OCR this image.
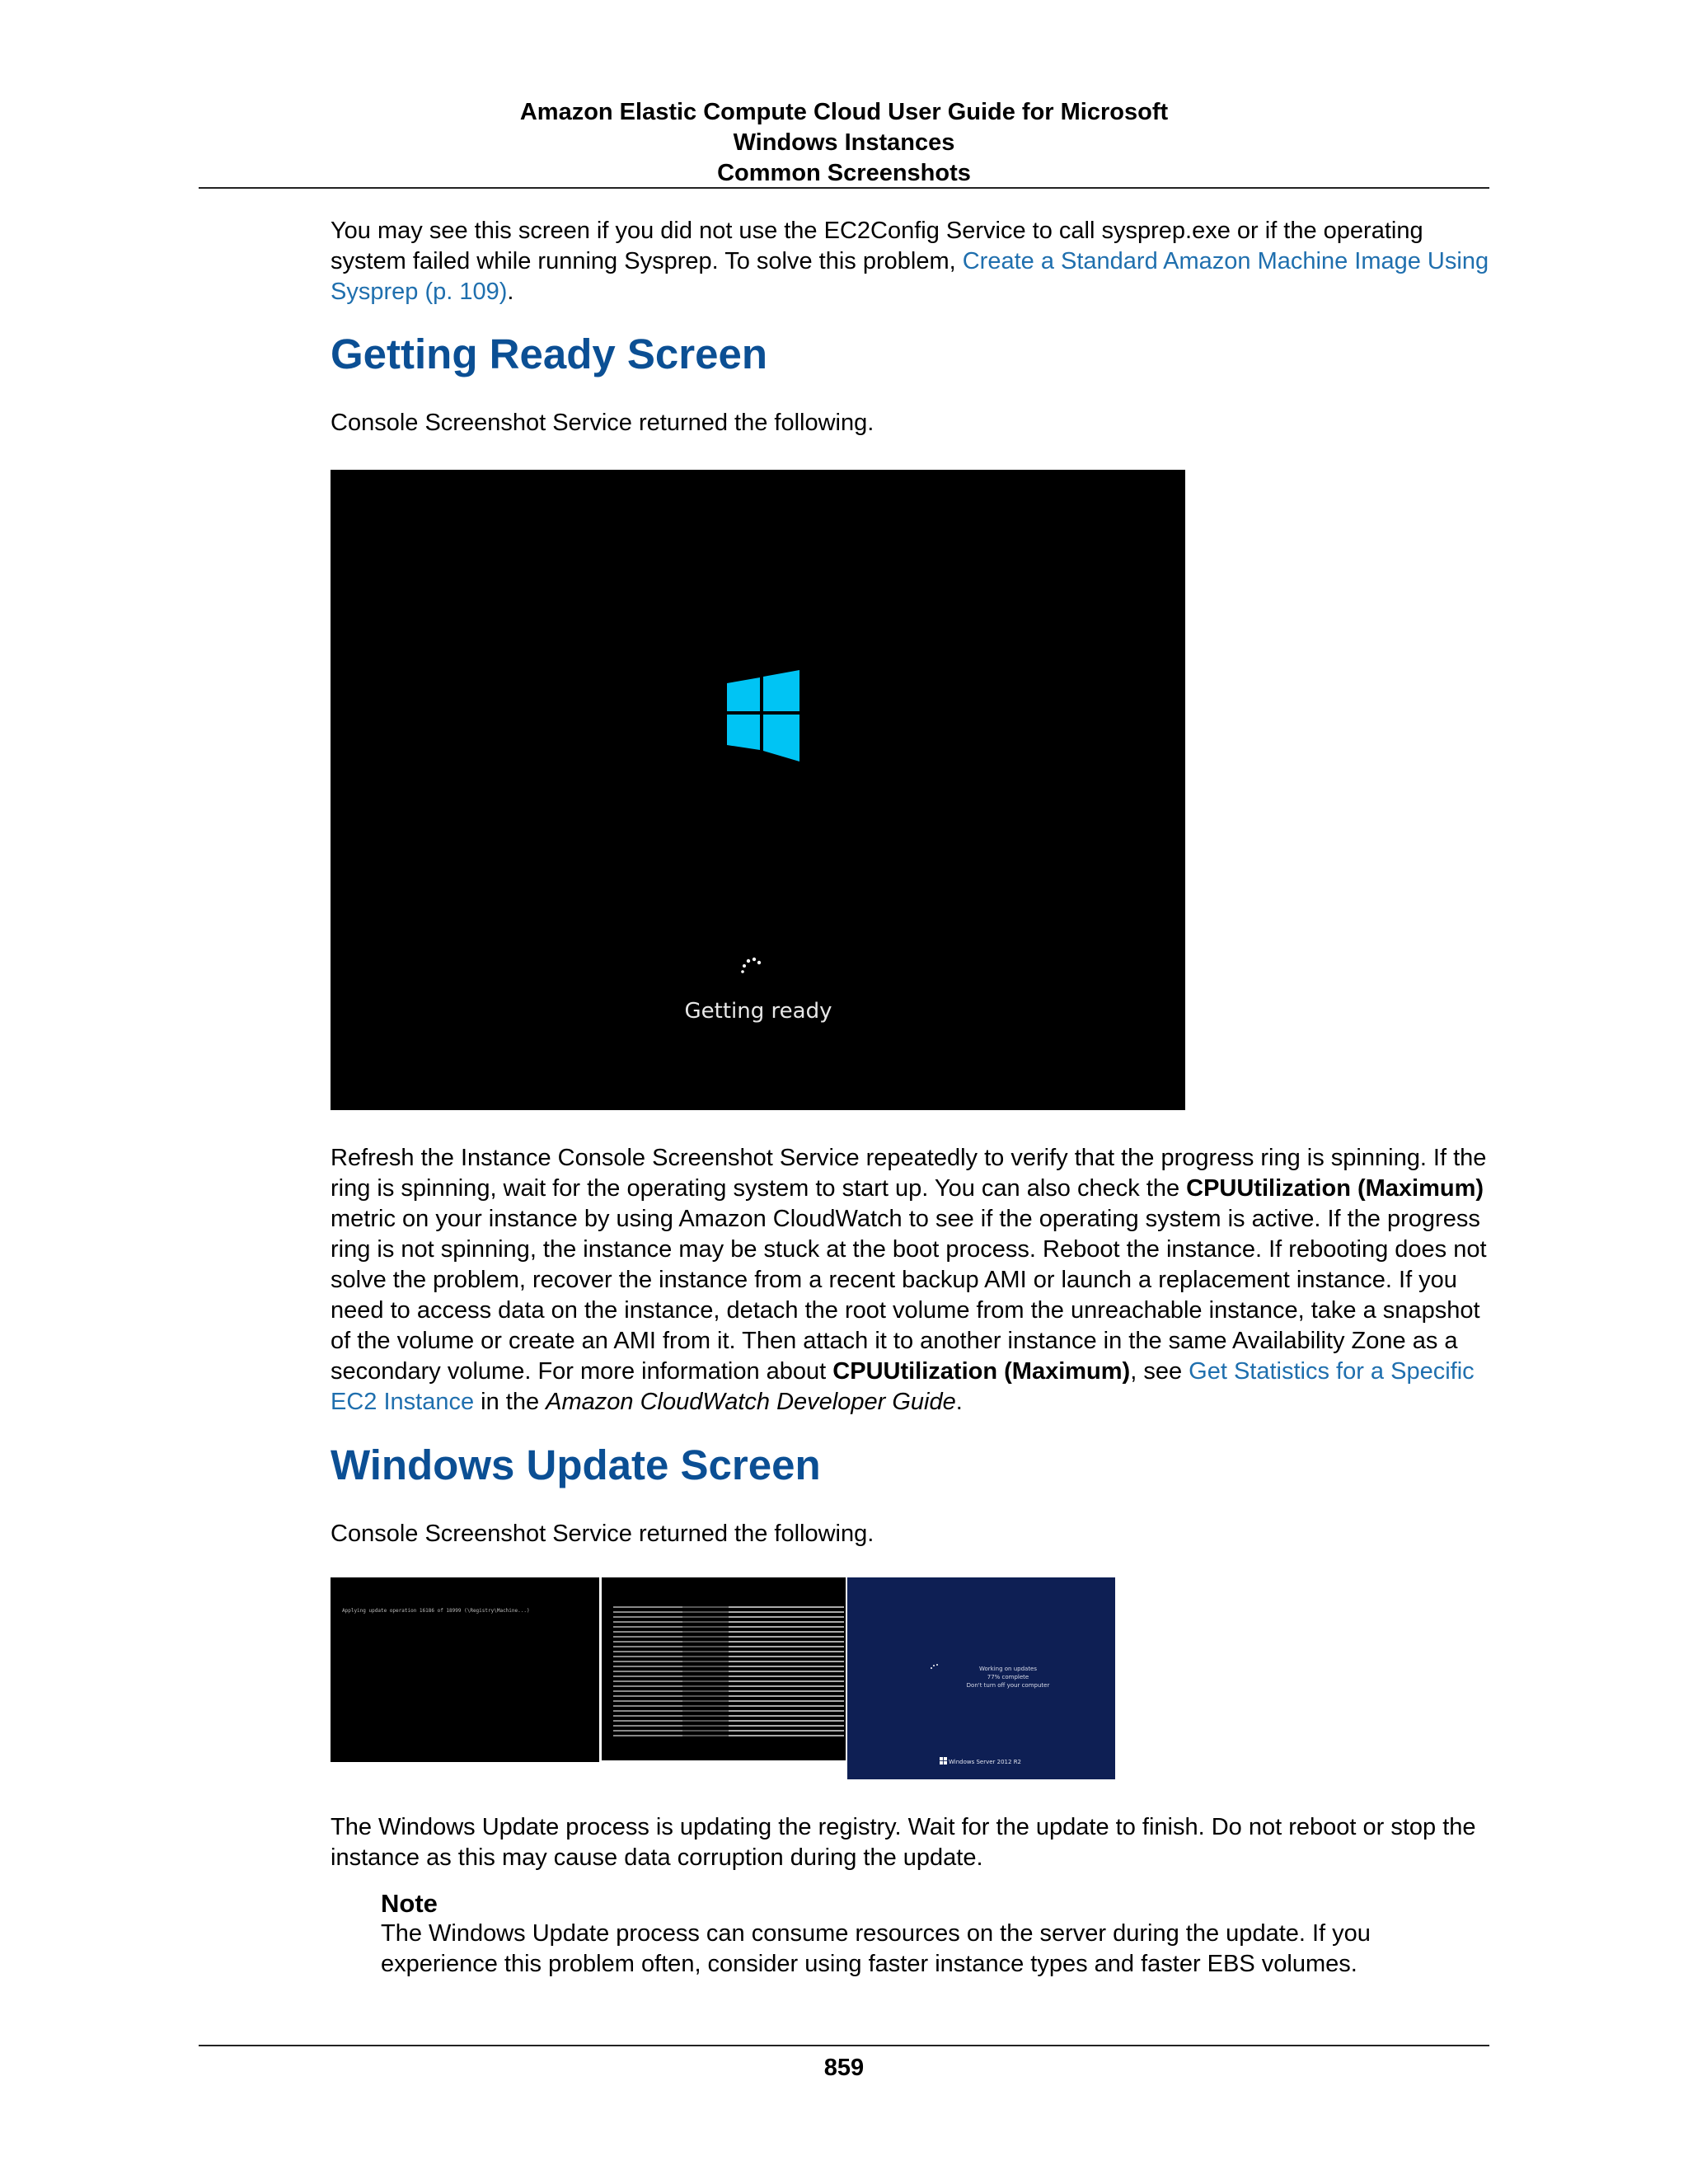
Amazon Elastic Compute Cloud User Guide for Microsoft
Windows Instances
Common Screenshots

You may see this screen if you did not use the EC2Config Service to call sysprep.exe or if the operating system failed while running Sysprep. To solve this problem, Create a Standard Amazon Machine Image Using Sysprep (p. 109).

Getting Ready Screen

Console Screenshot Service returned the following.

Getting ready

Refresh the Instance Console Screenshot Service repeatedly to verify that the progress ring is spinning. If the ring is spinning, wait for the operating system to start up. You can also check the CPUUtilization (Maximum) metric on your instance by using Amazon CloudWatch to see if the operating system is active. If the progress ring is not spinning, the instance may be stuck at the boot process. Reboot the instance. If rebooting does not solve the problem, recover the instance from a recent backup AMI or launch a replacement instance. If you need to access data on the instance, detach the root volume from the unreachable instance, take a snapshot of the volume or create an AMI from it. Then attach it to another instance in the same Availability Zone as a secondary volume. For more information about CPUUtilization (Maximum), see Get Statistics for a Specific EC2 Instance in the Amazon CloudWatch Developer Guide.

Windows Update Screen

Console Screenshot Service returned the following.

Applying update operation 16186 of 18999 (\Registry\Machine...)
Working on updates
77% complete
Don't turn off your computer
Windows Server 2012 R2

The Windows Update process is updating the registry. Wait for the update to finish. Do not reboot or stop the instance as this may cause data corruption during the update.

Note

The Windows Update process can consume resources on the server during the update. If you experience this problem often, consider using faster instance types and faster EBS volumes.

859
